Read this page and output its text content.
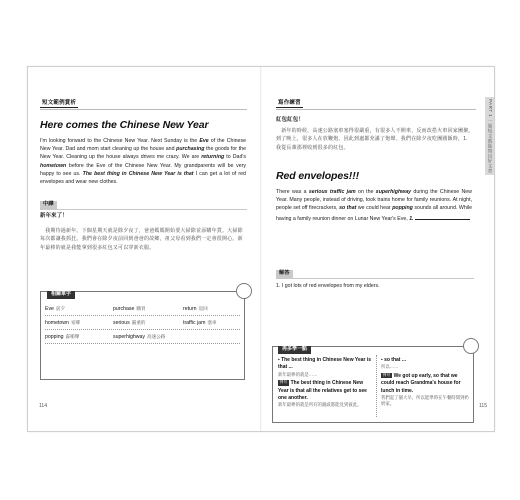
短文範例賞析
Here comes the Chinese New Year
I'm looking forward to the Chinese New Year. Next Sunday is the Eve of the Chinese New Year. Dad and mom start cleaning up the house and purchasing the goods for the New Year. Cleaning up the house always drives me crazy. We are returning to Dad's hometown before the Eve of the Chinese New Year. My grandparents will be very happy to see us. The best thing in Chinese New Year is that I can get a lot of red envelopes and wear new clothes.
中譯
新年來了！
　我期待過新年。下個星期天就是除夕夜了，爸爸媽媽開始要大掃除並添購年貨。大掃除每次都讓我抓狂。我們會在除夕夜前回到爸爸的故鄉，祖父母看到我們一定會很開心。新年最棒的就是我能拿到很多紅包又可以穿新衣服。
相關單字
Eve 前夕	purchase 購買	return 返回
hometown 家鄉	serious 嚴重的	traffic jam 塞車
popping 霹啪聲	superhighway 高速公路
114
PART 1 一篇短文就能寫出好文章
寫作練習
紅包紅包！
　新年的時候，高速公路塞車塞得很嚴重，有很多人不開車，反而改搭火車回家團聚。到了晚上，很多人在放鞭炮，因此到處都充滿了炮聲。我們在除夕夜吃團圓飯時，1. 我從長輩那裡收到很多的紅包。
Red envelopes!!!
There was a serious traffic jam on the superhighway during the Chinese New Year. Many people, instead of driving, took trains home for family reunions. At night, people set off firecrackers, so that we could hear popping sounds all around. While having a family reunion dinner on Lunar New Year's Eve, 1.
解答
1. I got lots of red envelopes from my elders.
再多學一點
• The best thing in Chinese New Year is that ...
新年最棒的就是……
例句 The best thing in Chinese New Year is that all the relatives get to see one another.
新年最棒的就是所有的親戚都能見到彼此。
• so that ...
所以……
例句 We got up early, so that we could reach Grandma's house for lunch in time.
我們起了個大早，所以能準時在午餐時間到奶奶家。	115
